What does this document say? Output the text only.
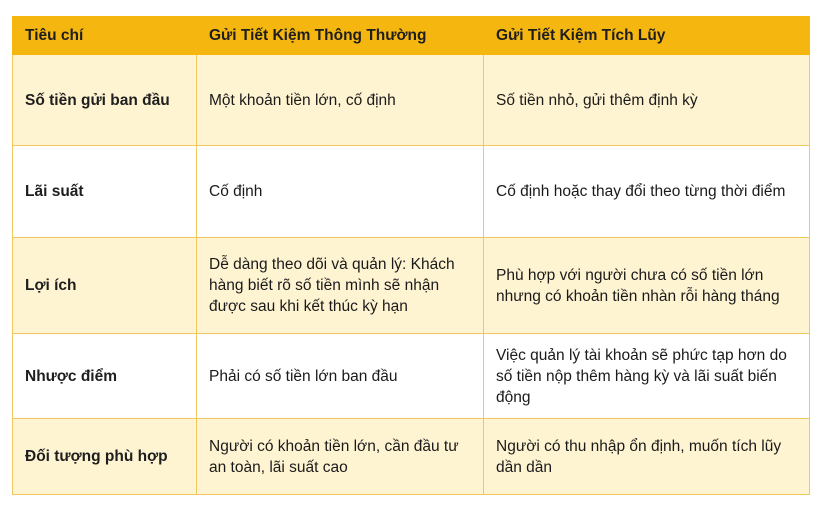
Tiêu chí	Gửi Tiết Kiệm Thông Thường	Gửi Tiết Kiệm Tích Lũy
Số tiền gửi ban đầu	Một khoản tiền lớn, cố định	Số tiền nhỏ, gửi thêm định kỳ
Lãi suất	Cố định	Cố định hoặc thay đổi theo từng thời điểm
Lợi ích	Dễ dàng theo dõi và quản lý: Khách hàng biết rõ số tiền mình sẽ nhận được sau khi kết thúc kỳ hạn	Phù hợp với người chưa có số tiền lớn nhưng có khoản tiền nhàn rỗi hàng tháng
Nhược điểm	Phải có số tiền lớn ban đầu	Việc quản lý tài khoản sẽ phức tạp hơn do số tiền nộp thêm hàng kỳ và lãi suất biến động
Đối tượng phù hợp	Người có khoản tiền lớn, cần đầu tư an toàn, lãi suất cao	Người có thu nhập ổn định, muốn tích lũy dần dần
